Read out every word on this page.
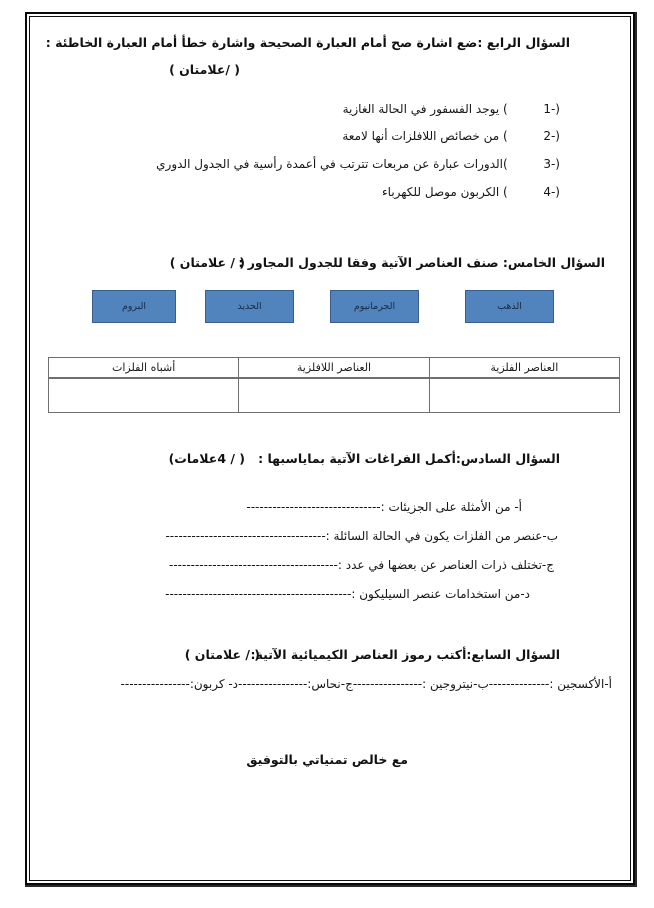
السؤال الرابع :ضع اشارة صح أمام العبارة الصحيحة واشارة خطأ أمام العبارة الخاطئة :
( /علامتان )
1-)  ) يوجد الفسفور في الحالة الغازية
2-)  ) من خصائص اللافلزات أنها لامعة
3-)  )الدورات عبارة عن مربعات تترتب في أعمدة رأسية في الجدول الدوري
4-)  ) الكربون موصل للكهرباء
السؤال الخامس: صنف العناصر الآتية وفقا للجدول المجاور :
( / علامتان )
الذهب
الجرمانيوم
الحديد
البروم
العناصر الفلزية	العناصر اللافلزية	أشباه الفلزات

السؤال السادس:أكمل الفراغات الآتية بماياسبها :
( / 4علامات)
أ- من الأمثلة على الجزيئات :-------------------------------
ب-عنصر من الفلزات يكون في الحالة السائلة :-------------------------------------
ج-تختلف ذرات العناصر عن بعضها في عدد :---------------------------------------
د-من استخدامات عنصر السيليكون :-------------------------------------------
السؤال السابع:أكتب رموز العناصر الكيميائية الآتية:
( / علامتان )
أ-الأكسجين :--------------ب-نيتروجين :----------------ج-نحاس:----------------د- كربون:----------------
مع خالص تمنياتي بالتوفيق
